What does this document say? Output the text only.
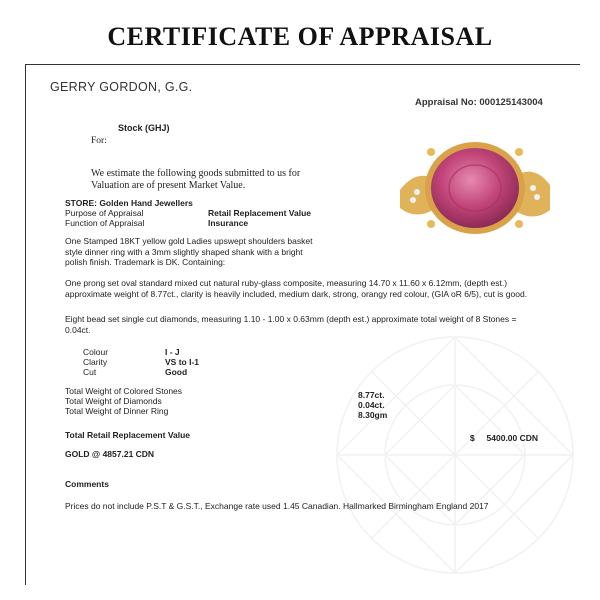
CERTIFICATE OF APPRAISAL
GERRY GORDON, G.G.
Appraisal No: 000125143004
Stock (GHJ)
For:
We estimate the following goods submitted to us for Valuation are of present Market Value.
STORE: Golden Hand Jewellers
Purpose of Appraisal	Retail Replacement Value
Function of Appraisal	Insurance
One Stamped 18KT yellow gold Ladies upswept shoulders basket style dinner ring with a 3mm slightly shaped shank with a bright polish finish. Trademark is DK. Containing:
One prong set oval standard mixed cut natural ruby-glass composite, measuring 14.70 x 11.60 x 6.12mm, (depth est.) approximate weight of 8.77ct., clarity is heavily included, medium dark, strong, orangy red colour, (GIA oR 6/5), cut is good.
Eight bead set single cut diamonds, measuring 1.10 - 1.00 x 0.63mm (depth est.) approximate total weight of 8 Stones = 0.04ct.
Colour	I - J
Clarity	VS to I-1
Cut	Good
Total Weight of Colored Stones	8.77ct.
Total Weight of Diamonds	0.04ct.
Total Weight of Dinner Ring	8.30gm
Total Retail Replacement Value	$     5400.00 CDN
GOLD @ 4857.21 CDN
Comments
Prices do not include P.S.T & G.S.T., Exchange rate used 1.45 Canadian. Hallmarked Birmingham England 2017
